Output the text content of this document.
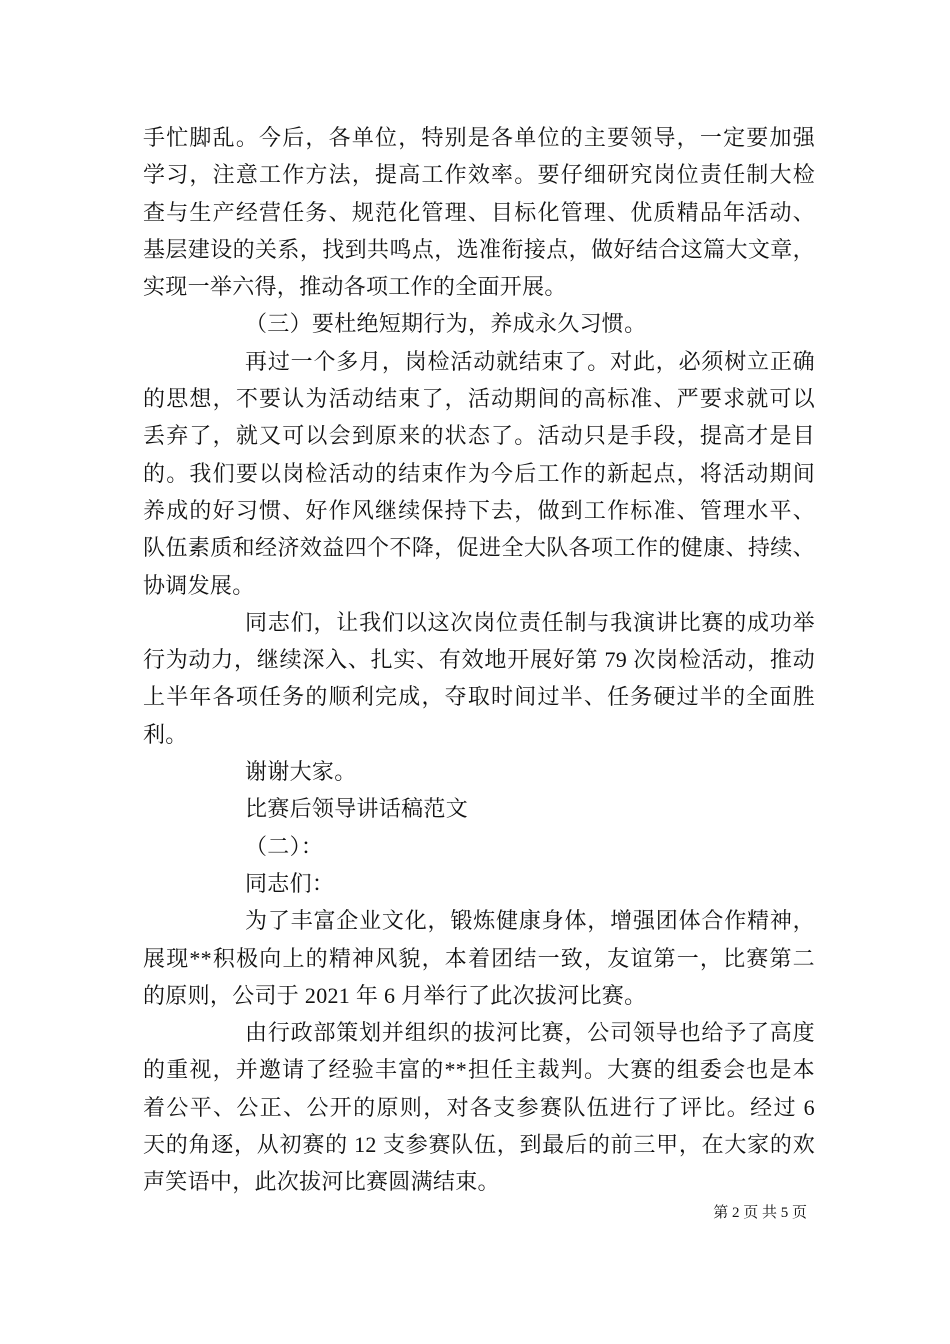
手忙脚乱。今后，各单位，特别是各单位的主要领导，一定要加强
学习，注意工作方法，提高工作效率。要仔细研究岗位责任制大检
查与生产经营任务、规范化管理、目标化管理、优质精品年活动、
基层建设的关系，找到共鸣点，选准衔接点，做好结合这篇大文章，
实现一举六得，推动各项工作的全面开展。
（三）要杜绝短期行为，养成永久习惯。
再过一个多月，岗检活动就结束了。对此，必须树立正确
的思想，不要认为活动结束了，活动期间的高标准、严要求就可以
丢弃了，就又可以会到原来的状态了。活动只是手段，提高才是目
的。我们要以岗检活动的结束作为今后工作的新起点，将活动期间
养成的好习惯、好作风继续保持下去，做到工作标准、管理水平、
队伍素质和经济效益四个不降，促进全大队各项工作的健康、持续、
协调发展。
同志们，让我们以这次岗位责任制与我演讲比赛的成功举
行为动力，继续深入、扎实、有效地开展好第 79 次岗检活动，推动
上半年各项任务的顺利完成，夺取时间过半、任务硬过半的全面胜
利。
谢谢大家。
比赛后领导讲话稿范文
（二）：
同志们：
为了丰富企业文化，锻炼健康身体，增强团体合作精神，
展现**积极向上的精神风貌，本着团结一致，友谊第一，比赛第二
的原则，公司于 2021 年 6 月举行了此次拔河比赛。
由行政部策划并组织的拔河比赛，公司领导也给予了高度
的重视，并邀请了经验丰富的**担任主裁判。大赛的组委会也是本
着公平、公正、公开的原则，对各支参赛队伍进行了评比。经过 6
天的角逐，从初赛的 12 支参赛队伍，到最后的前三甲，在大家的欢
声笑语中，此次拔河比赛圆满结束。
第 2 页 共 5 页
